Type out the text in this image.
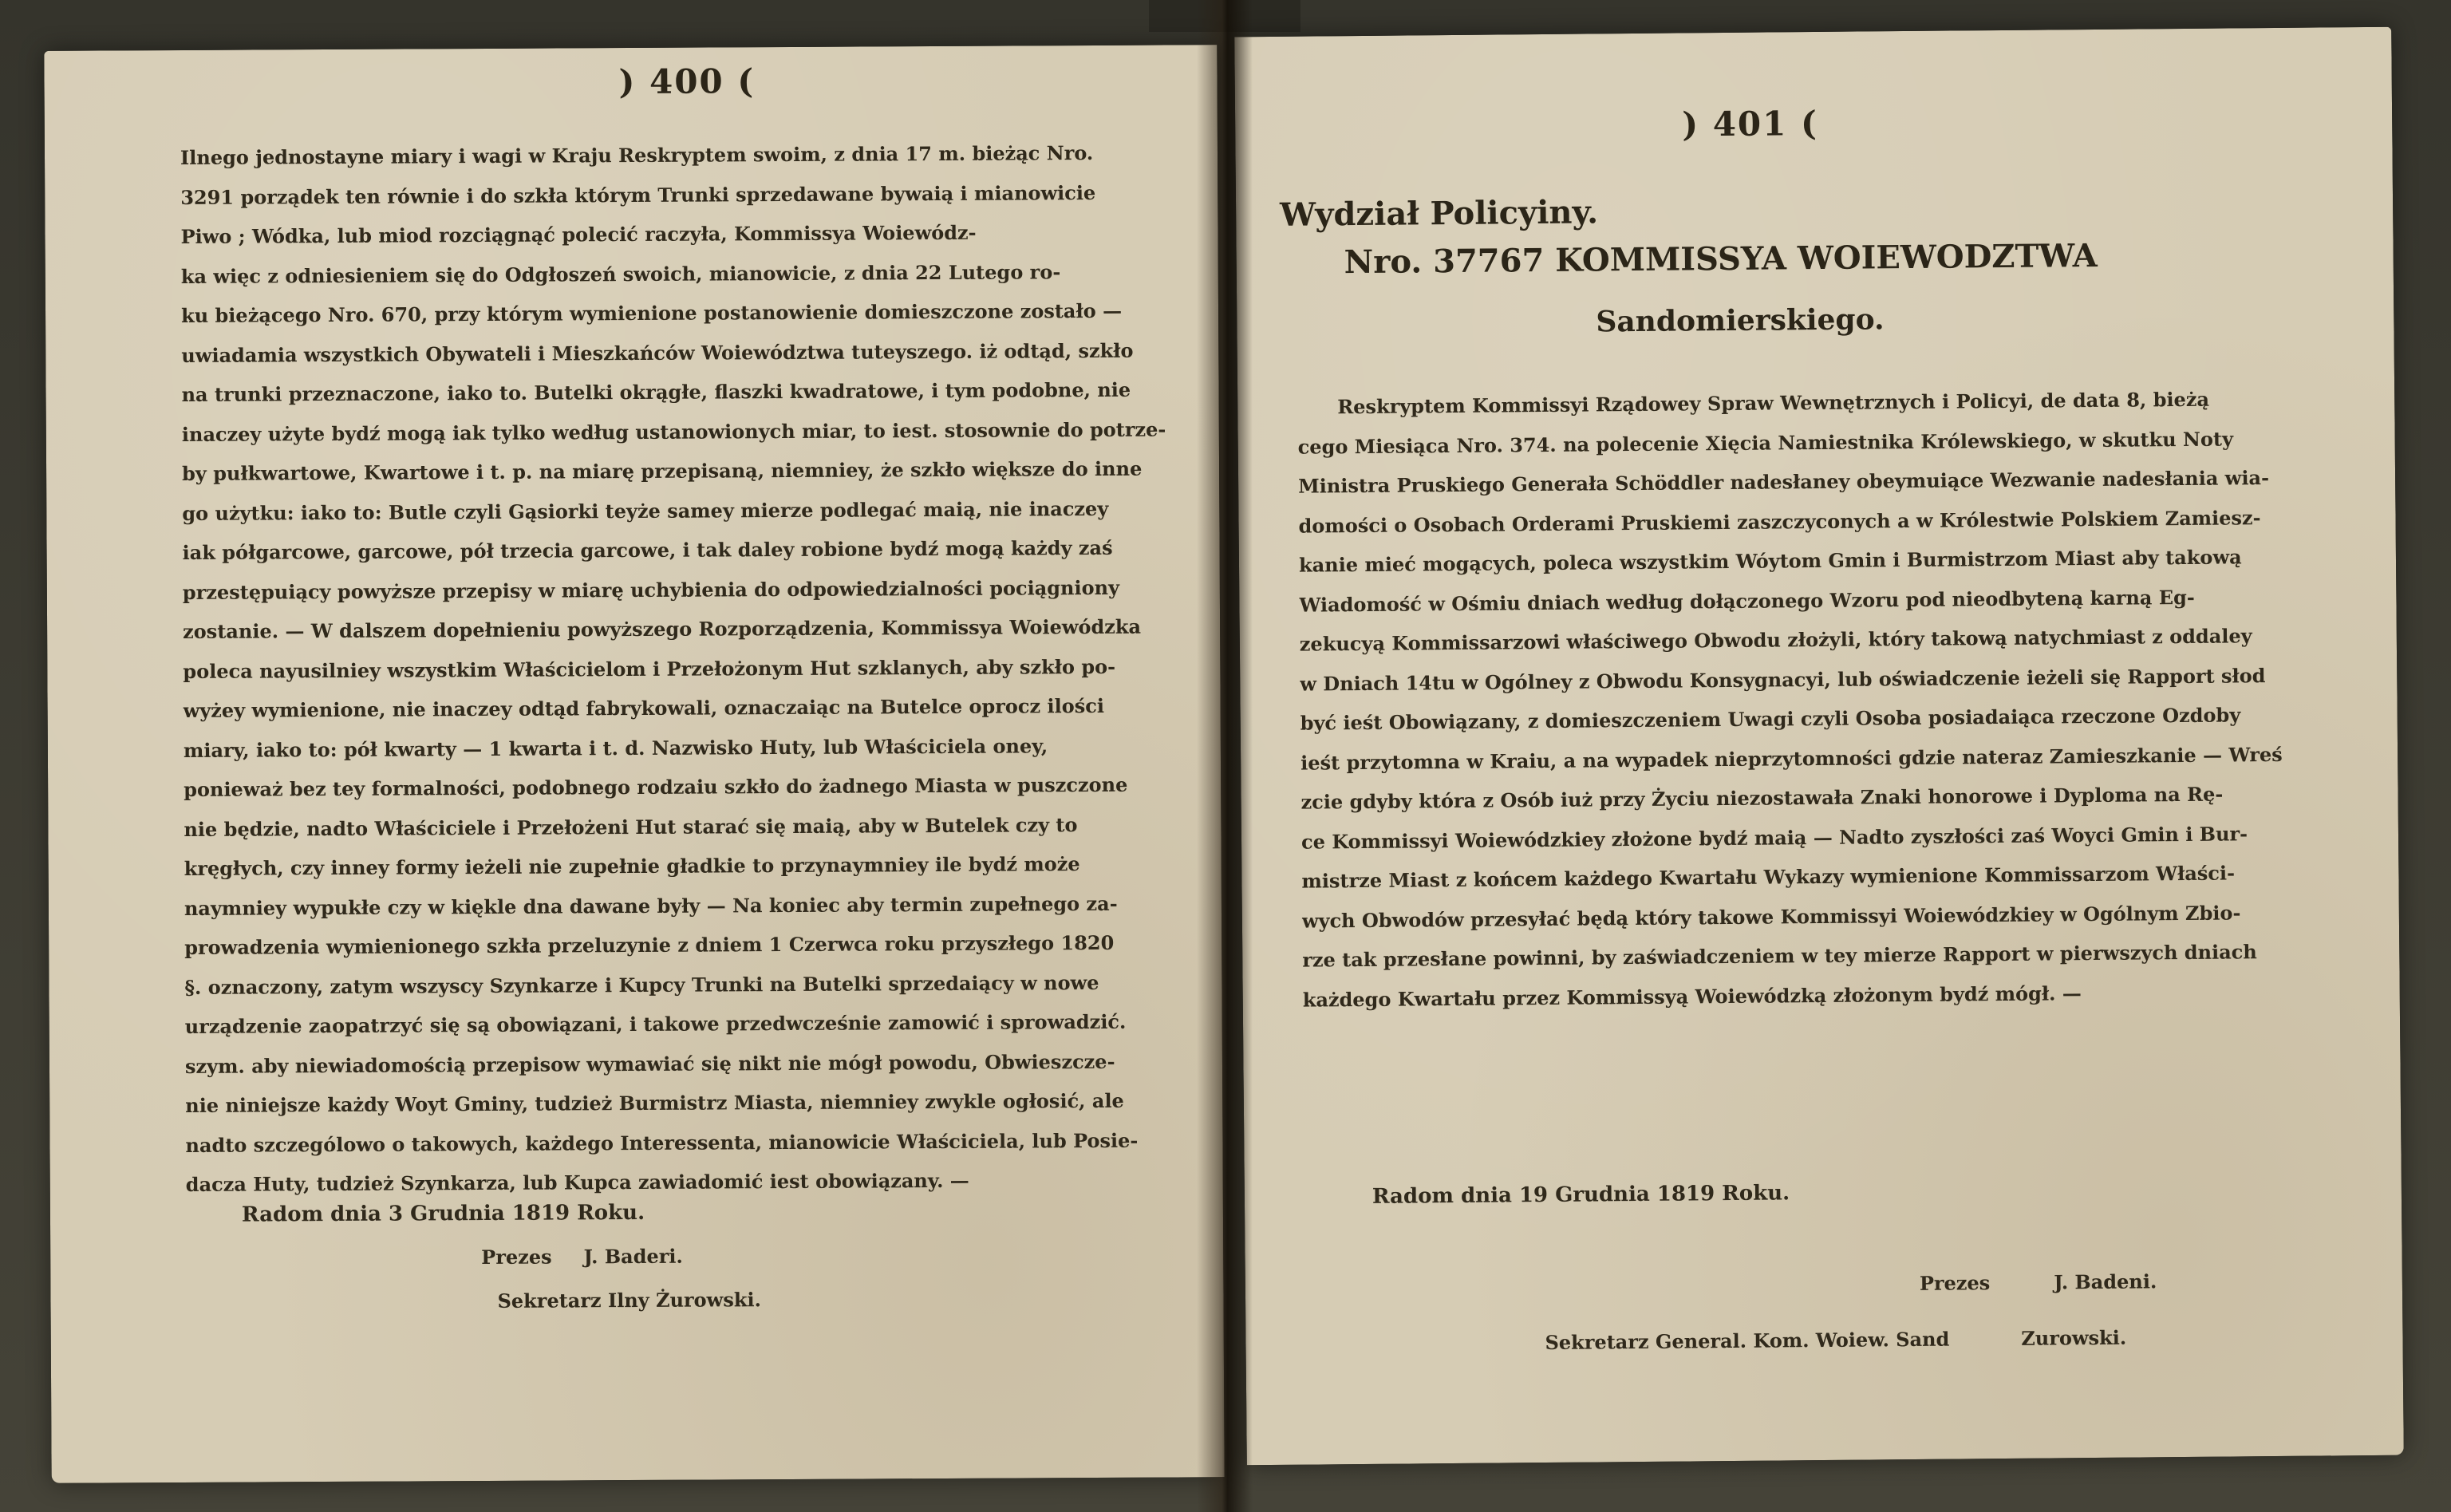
) 400 (
Ilnego jednostayne miary i wagi w Kraju Reskryptem swoim, z dnia 17 m. bieżąc Nro.
3291 porządek ten równie i do szkła którym Trunki sprzedawane bywaią i mianowicie
Piwo ; Wódka, lub miod rozciągnąć polecić raczyła, Kommissya Woiewódz-
ka więc z odniesieniem się do Odgłoszeń swoich, mianowicie, z dnia 22 Lutego ro-
ku bieżącego Nro. 670, przy którym wymienione postanowienie domieszczone zostało —
uwiadamia wszystkich Obywateli i Mieszkańców Woiewództwa tuteyszego. iż odtąd, szkło
na trunki przeznaczone, iako to. Butelki okrągłe, flaszki kwadratowe, i tym podobne, nie
inaczey użyte bydź mogą iak tylko według ustanowionych miar, to iest. stosownie do potrze-
by pułkwartowe, Kwartowe i t. p. na miarę przepisaną, niemniey, że szkło większe do inne
go użytku: iako to: Butle czyli Gąsiorki teyże samey mierze podlegać maią, nie inaczey
iak półgarcowe, garcowe, pół trzecia garcowe, i tak daley robione bydź mogą każdy zaś
przestępuiący powyższe przepisy w miarę uchybienia do odpowiedzialności pociągniony
zostanie. — W dalszem dopełnieniu powyższego Rozporządzenia, Kommissya Woiewódzka
poleca nayusilniey wszystkim Właścicielom i Przełożonym Hut szklanych, aby szkło po-
wyżey wymienione, nie inaczey odtąd fabrykowali, oznaczaiąc na Butelce oprocz ilości
miary, iako to: pół kwarty — 1 kwarta i t. d. Nazwisko Huty, lub Właściciela oney,
ponieważ bez tey formalności, podobnego rodzaiu szkło do żadnego Miasta w puszczone
nie będzie, nadto Właściciele i Przełożeni Hut starać się maią, aby w Butelek czy to
kręgłych, czy inney formy ieżeli nie zupełnie gładkie to przynaymniey ile bydź może
naymniey wypukłe czy w kiękle dna dawane były — Na koniec aby termin zupełnego za-
prowadzenia wymienionego szkła przeluzynie z dniem 1 Czerwca roku przyszłego 1820
§. oznaczony, zatym wszyscy Szynkarze i Kupcy Trunki na Butelki sprzedaiący w nowe
urządzenie zaopatrzyć się są obowiązani, i takowe przedwcześnie zamowić i sprowadzić.
szym. aby niewiadomością przepisow wymawiać się nikt nie mógł powodu, Obwieszcze-
nie niniejsze każdy Woyt Gminy, tudzież Burmistrz Miasta, niemniey zwykle ogłosić, ale
nadto szczególowo o takowych, każdego Interessenta, mianowicie Właściciela, lub Posie-
dacza Huty, tudzież Szynkarza, lub Kupca zawiadomić iest obowiązany. —
Radom dnia 3 Grudnia 1819 Roku.
Prezes J. Baderi.
Sekretarz Ilny Żurowski.
) 401 (
Wydział Policyiny.
Nro. 37767 KOMMISSYA WOIEWODZTWA
Sandomierskiego.
Reskryptem Kommissyi Rządowey Spraw Wewnętrznych i Policyi, de data 8, bieżą
cego Miesiąca Nro. 374. na polecenie Xięcia Namiestnika Królewskiego, w skutku Noty
Ministra Pruskiego Generała Schöddler nadesłaney obeymuiące Wezwanie nadesłania wia-
domości o Osobach Orderami Pruskiemi zaszczyconych a w Królestwie Polskiem Zamiesz-
kanie mieć mogących, poleca wszystkim Wóytom Gmin i Burmistrzom Miast aby takową
Wiadomość w Ośmiu dniach według dołączonego Wzoru pod nieodbyteną karną Eg-
zekucyą Kommissarzowi właściwego Obwodu złożyli, który takową natychmiast z oddaley
w Dniach 14tu w Ogólney z Obwodu Konsygnacyi, lub oświadczenie ieżeli się Rapport słod
być ieśt Obowiązany, z domieszczeniem Uwagi czyli Osoba posiadaiąca rzeczone Ozdoby
ieśt przytomna w Kraiu, a na wypadek nieprzytomności gdzie nateraz Zamieszkanie — Wreś
zcie gdyby która z Osób iuż przy Życiu niezostawała Znaki honorowe i Dyploma na Rę-
ce Kommissyi Woiewódzkiey złożone bydź maią — Nadto zyszłości zaś Woyci Gmin i Bur-
mistrze Miast z końcem każdego Kwartału Wykazy wymienione Kommissarzom Właści-
wych Obwodów przesyłać będą który takowe Kommissyi Woiewódzkiey w Ogólnym Zbio-
rze tak przesłane powinni, by zaświadczeniem w tey mierze Rapport w pierwszych dniach
każdego Kwartału przez Kommissyą Woiewódzką złożonym bydź mógł. —
Radom dnia 19 Grudnia 1819 Roku.
Prezes	J. Badeni.
Sekretarz General. Kom. Woiew. Sand	Zurowski.
